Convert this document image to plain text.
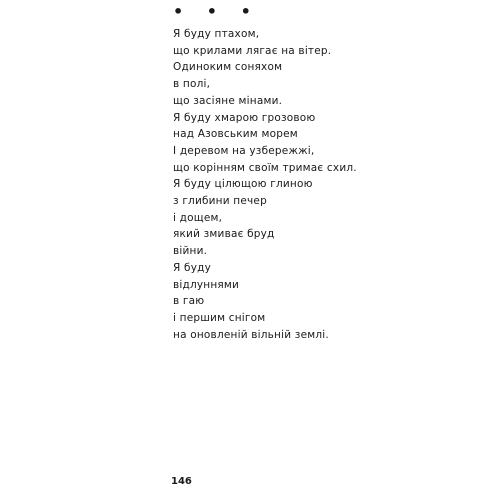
• • •
Я буду птахом,
що крилами лягає на вітер.
Одиноким соняхом
в полі,
що засіяне мінами.
Я буду хмарою грозовою
над Азовським морем
І деревом на узбережжі,
що корінням своїм тримає схил.
Я буду цілющою глиною
з глибини печер
і дощем,
який змиває бруд
війни.
Я буду
відлуннями
в гаю
і першим снігом
на оновленій вільній землі.
146
